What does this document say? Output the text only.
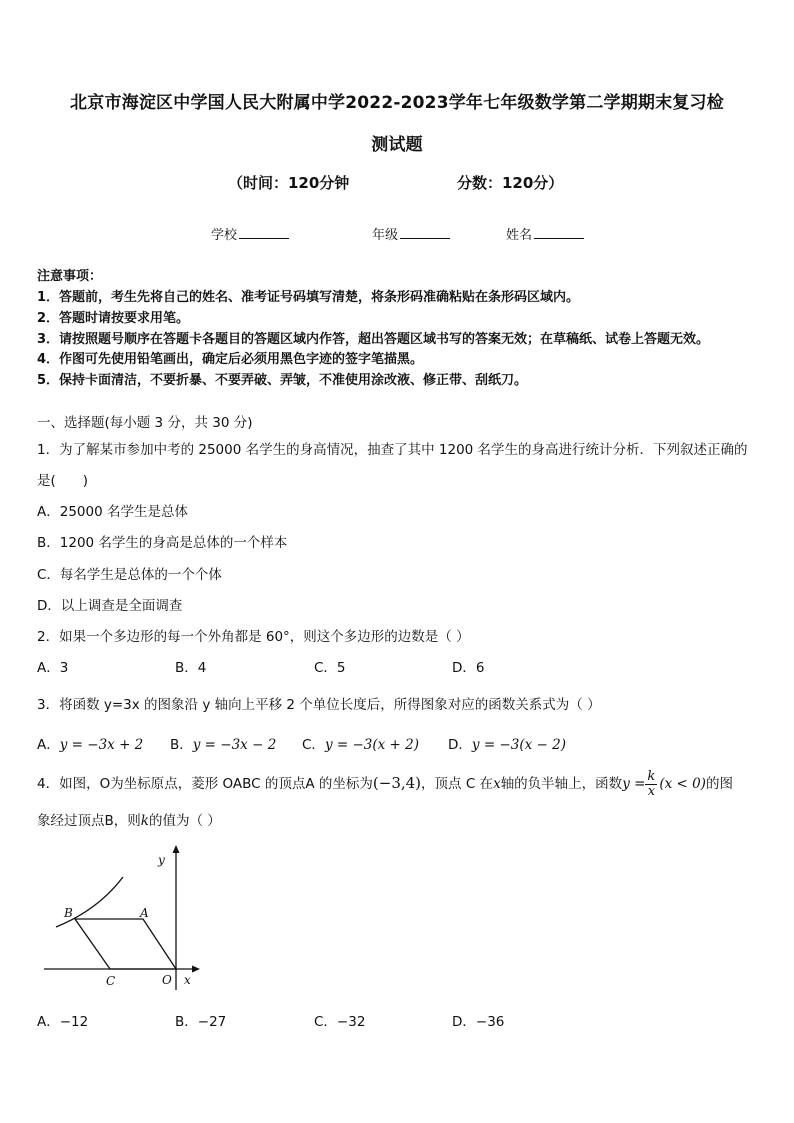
北京市海淀区中学国人民大附属中学2022-2023学年七年级数学第二学期期末复习检
测试题
（时间：120分钟	分数：120分）
学校	年级	姓名
注意事项：
1．答题前，考生先将自己的姓名、准考证号码填写清楚，将条形码准确粘贴在条形码区域内。
2．答题时请按要求用笔。
3．请按照题号顺序在答题卡各题目的答题区域内作答，超出答题区域书写的答案无效；在草稿纸、试卷上答题无效。
4．作图可先使用铅笔画出，确定后必须用黑色字迹的签字笔描黑。
5．保持卡面清洁，不要折暴、不要弄破、弄皱，不准使用涂改液、修正带、刮纸刀。
一、选择题(每小题 3 分，共 30 分)
1．为了解某市参加中考的 25000 名学生的身高情况，抽查了其中 1200 名学生的身高进行统计分析．下列叙述正确的
是(　　)
A．25000 名学生是总体
B．1200 名学生的身高是总体的一个样本
C．每名学生是总体的一个个体
D．以上调查是全面调查
2．如果一个多边形的每一个外角都是 60°，则这个多边形的边数是（ ）
A．3	B．4	C．5	D．6
3．将函数 y=3x 的图象沿 y 轴向上平移 2 个单位长度后，所得图象对应的函数关系式为（ ）
A．𝑦 = −3𝑥 + 2 B．𝑦 = −3𝑥 − 2 C．𝑦 = −3(𝑥 + 2) D．𝑦 = −3(𝑥 − 2)
4．如图，O为坐标原点，菱形 OABC 的顶点A 的坐标为(−3,4)，顶点 C 在x轴的负半轴上，函数$y = \frac{k}{x} (x < 0)$的图
象经过顶点B，则k的值为（ ）
y
x
O
A
B
C
A．−12	B．−27	C．−32	D．−36
